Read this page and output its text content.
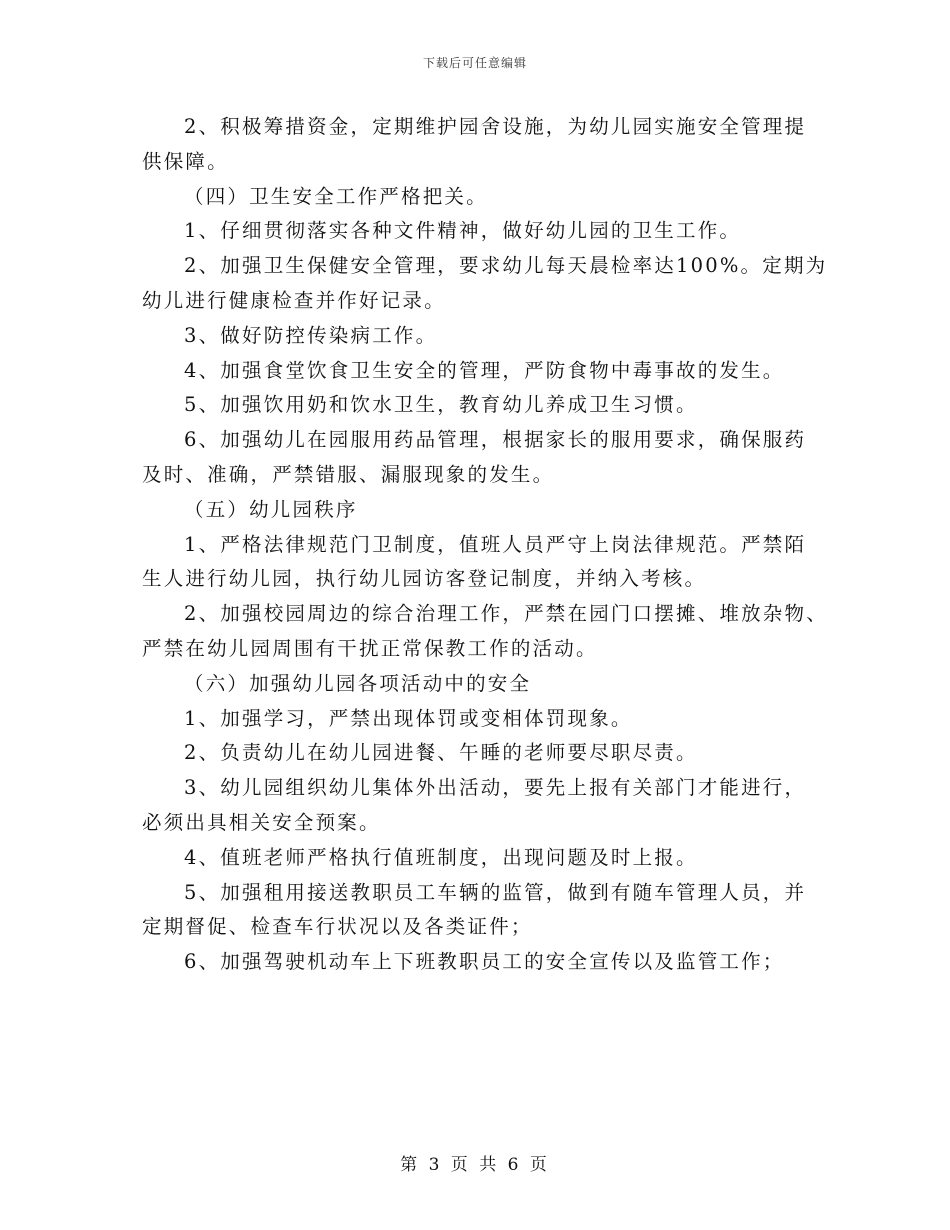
下载后可任意编辑
2、积极筹措资金，定期维护园舍设施，为幼儿园实施安全管理提
供保障。
（四）卫生安全工作严格把关。
1、仔细贯彻落实各种文件精神，做好幼儿园的卫生工作。
2、加强卫生保健安全管理，要求幼儿每天晨检率达100%。定期为
幼儿进行健康检查并作好记录。
3、做好防控传染病工作。
4、加强食堂饮食卫生安全的管理，严防食物中毒事故的发生。
5、加强饮用奶和饮水卫生，教育幼儿养成卫生习惯。
6、加强幼儿在园服用药品管理，根据家长的服用要求，确保服药
及时、准确，严禁错服、漏服现象的发生。
（五）幼儿园秩序
1、严格法律规范门卫制度，值班人员严守上岗法律规范。严禁陌
生人进行幼儿园，执行幼儿园访客登记制度，并纳入考核。
2、加强校园周边的综合治理工作，严禁在园门口摆摊、堆放杂物、
严禁在幼儿园周围有干扰正常保教工作的活动。
（六）加强幼儿园各项活动中的安全
1、加强学习，严禁出现体罚或变相体罚现象。
2、负责幼儿在幼儿园进餐、午睡的老师要尽职尽责。
3、幼儿园组织幼儿集体外出活动，要先上报有关部门才能进行，
必须出具相关安全预案。
4、值班老师严格执行值班制度，出现问题及时上报。
5、加强租用接送教职员工车辆的监管，做到有随车管理人员，并
定期督促、检查车行状况以及各类证件；
6、加强驾驶机动车上下班教职员工的安全宣传以及监管工作；
第 3 页 共 6 页
